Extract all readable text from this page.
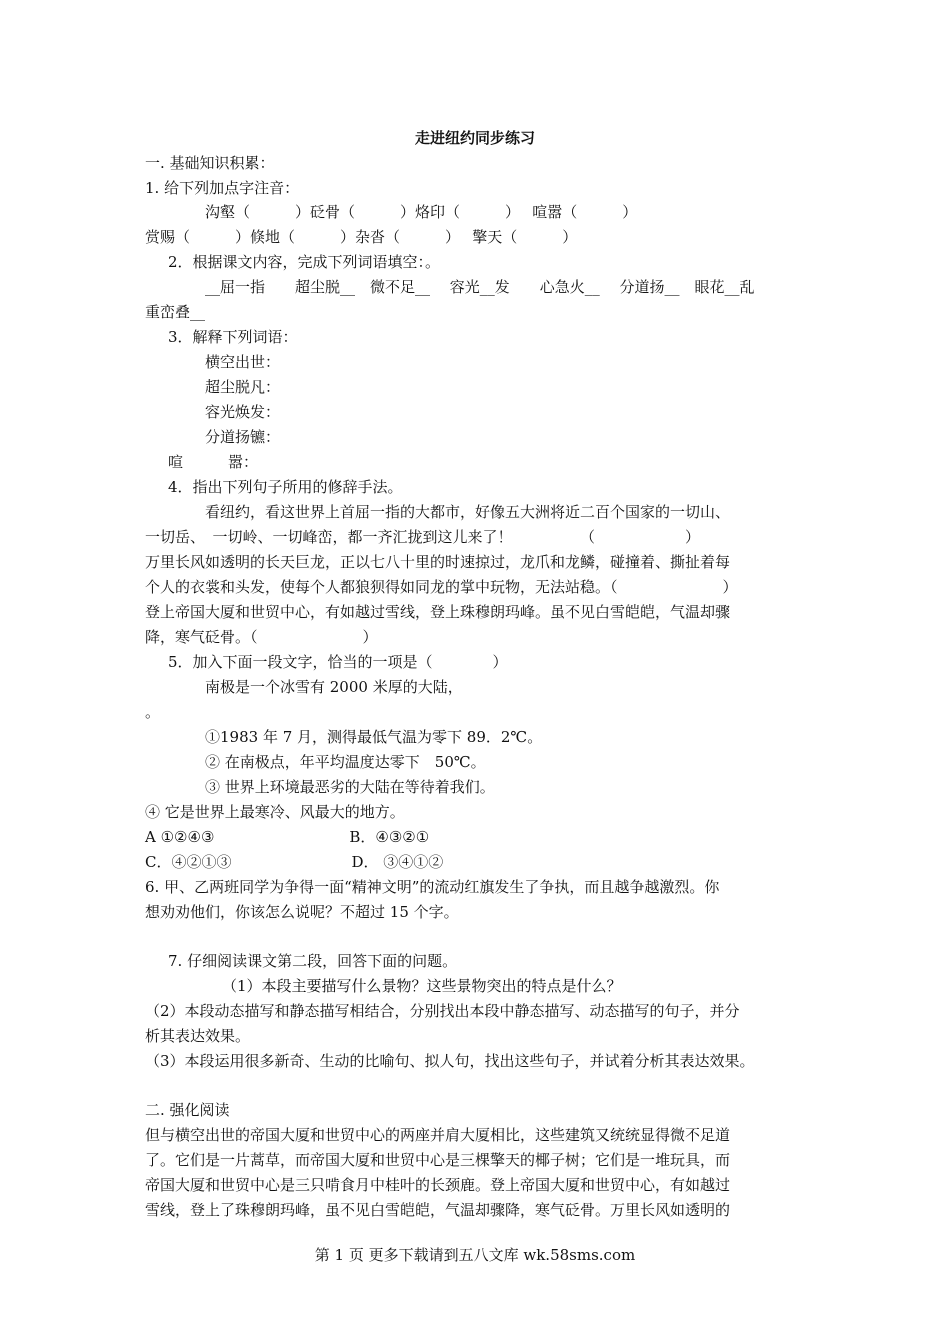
走进纽约同步练习
一. 基础知识积累：
1. 给下列加点字注音：
沟壑（　　　）砭骨（　　　）烙印（　　　）　 喧嚣（　　　）
赏赐（　　　）倏地（　　　）杂沓（　　　）　 擎天（　　　）
2．根据课文内容，完成下列词语填空：。
__屈一指　　超尘脱__　微不足__　 容光__发　　心急火__　 分道扬__　眼花__乱
重峦叠__
3．解释下列词语：
横空出世：
超尘脱凡：
容光焕发：
分道扬镳：
喧　　　嚣：
4．指出下列句子所用的修辞手法。
看纽约，看这世界上首屈一指的大都市，好像五大洲将近二百个国家的一切山、
一切岳、　一切岭、一切峰峦，都一齐汇拢到这儿来了！　　　　　（　　　　　　）
万里长风如透明的长天巨龙，正以七八十里的时速掠过，龙爪和龙鳞，碰撞着、撕扯着每
个人的衣裳和头发，使每个人都狼狈得如同龙的掌中玩物，无法站稳。（　　　　　　　）
登上帝国大厦和世贸中心，有如越过雪线，登上珠穆朗玛峰。虽不见白雪皑皑，气温却骤
降，寒气砭骨。（　　　　　　　）
5．加入下面一段文字，恰当的一项是（　　　　）
南极是一个冰雪有 2000 米厚的大陆，
。
①1983 年 7 月，测得最低气温为零下 89．2℃。
② 在南极点，年平均温度达零下　50℃。
③ 世界上环境最恶劣的大陆在等待着我们。
④ 它是世界上最寒冷、风最大的地方。
A ①②④③　　　　　　　　　B．④③②①
C．④②①③　　　　　　　　D． ③④①②
6. 甲、乙两班同学为争得一面“精神文明”的流动红旗发生了争执，而且越争越激烈。你
想劝劝他们，你该怎么说呢？不超过 15 个字。
7. 仔细阅读课文第二段，回答下面的问题。
（1）本段主要描写什么景物？这些景物突出的特点是什么？
（2）本段动态描写和静态描写相结合，分别找出本段中静态描写、动态描写的句子，并分
析其表达效果。
（3）本段运用很多新奇、生动的比喻句、拟人句，找出这些句子，并试着分析其表达效果。
二. 强化阅读
但与横空出世的帝国大厦和世贸中心的两座并肩大厦相比，这些建筑又统统显得微不足道
了。它们是一片蒿草，而帝国大厦和世贸中心是三棵擎天的椰子树；它们是一堆玩具，而
帝国大厦和世贸中心是三只啃食月中桂叶的长颈鹿。登上帝国大厦和世贸中心，有如越过
雪线，登上了珠穆朗玛峰，虽不见白雪皑皑，气温却骤降，寒气砭骨。万里长风如透明的
第 1 页 更多下载请到五八文库 wk.58sms.com
